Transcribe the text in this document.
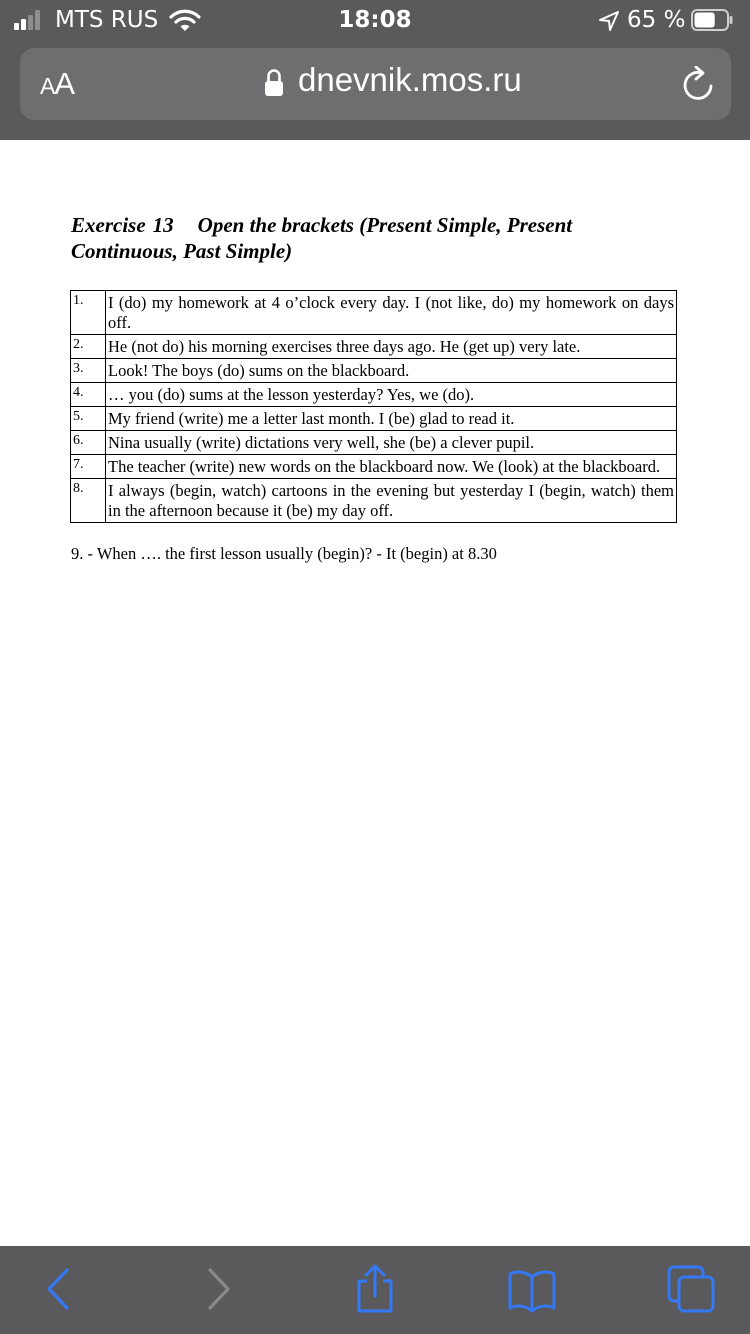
MTS RUS	18:08	65 %
AA	dnevnik.mos.ru
Exercise 13 Open the brackets (Present Simple, Present Continuous, Past Simple)
1.	I (do) my homework at 4 o’clock every day. I (not like, do) my homework on days off.
2.	He (not do) his morning exercises three days ago. He (get up) very late.
3.	Look! The boys (do) sums on the blackboard.
4.	… you (do) sums at the lesson yesterday? Yes, we (do).
5.	My friend (write) me a letter last month. I (be) glad to read it.
6.	Nina usually (write) dictations very well, she (be) a clever pupil.
7.	The teacher (write) new words on the blackboard now. We (look) at the blackboard.
8.	I always (begin, watch) cartoons in the evening but yesterday I (begin, watch) them in the afternoon because it (be) my day off.
9. - When …. the first lesson usually (begin)? - It (begin) at 8.30
